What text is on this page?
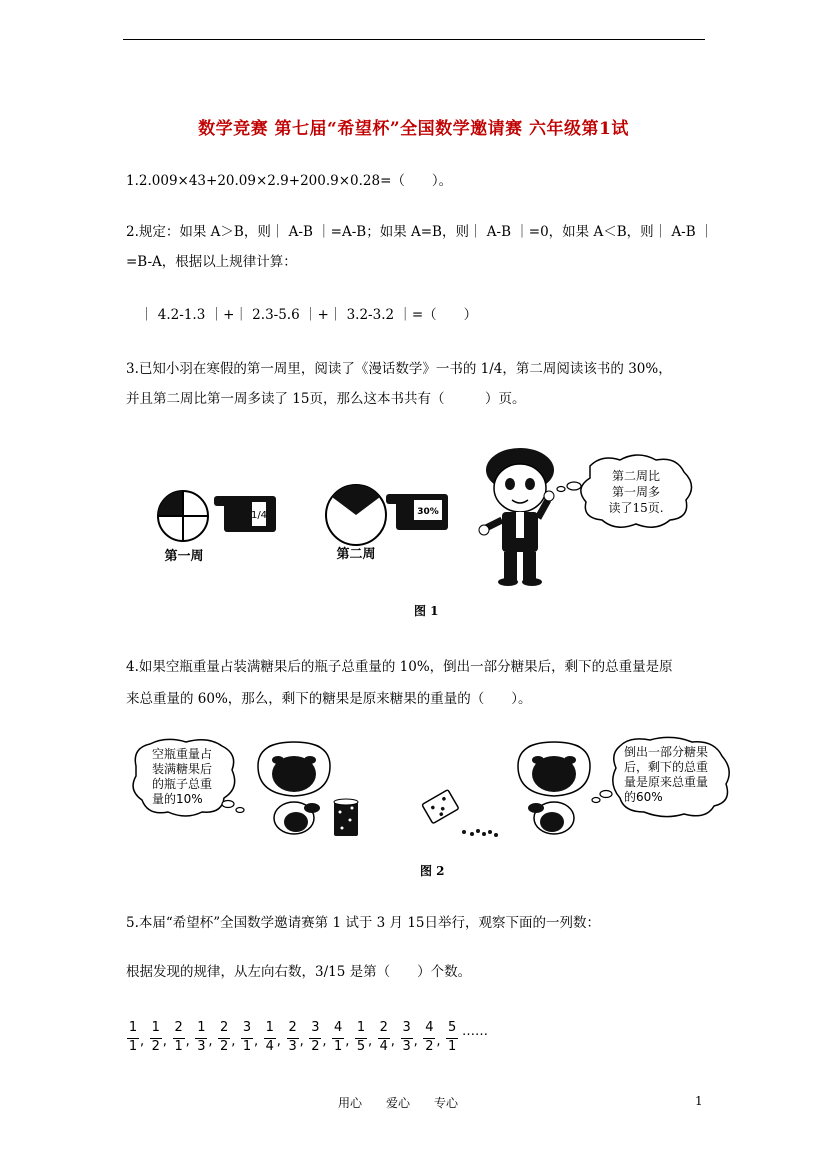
数学竞赛 第七届“希望杯”全国数学邀请赛 六年级第1试
1.2.009×43+20.09×2.9+200.9×0.28=（　　）。
2.规定：如果 A＞B，则｜ A-B ｜=A-B；如果 A=B，则｜ A-B ｜=0，如果 A＜B，则｜ A-B ｜
=B-A，根据以上规律计算：
｜ 4.2-1.3 ｜+｜ 2.3-5.6 ｜+｜ 3.2-3.2 ｜=（　　）
3.已知小羽在寒假的第一周里，阅读了《漫话数学》一书的 1/4，第二周阅读该书的 30%，
并且第二周比第一周多读了 15页，那么这本书共有（　　　）页。
1/4
第一周
30%
第二周
第二周比
第一周多
读了15页.
图 1
4.如果空瓶重量占装满糖果后的瓶子总重量的 10%，倒出一部分糖果后，剩下的总重量是原
来总重量的 60%，那么，剩下的糖果是原来糖果的重量的（　　）。
空瓶重量占
装满糖果后
的瓶子总重
量的10%
倒出一部分糖果
后，剩下的总重
量是原来总重量
的60%
图 2
5.本届“希望杯”全国数学邀请赛第 1 试于 3 月 15日举行，观察下面的一列数：
根据发现的规律，从左向右数，3/15 是第（　　）个数。
1
1 ,
1
2 ,
2
1 ,
1
3 ,
2
2 ,
3
1 ,
1
4 ,
2
3 ,
3
2 ,
4
1 ,
1
5 ,
2
4 ,
3
3 ,
4
2 ,
5
1
……
用心　　爱心　　专心	1
